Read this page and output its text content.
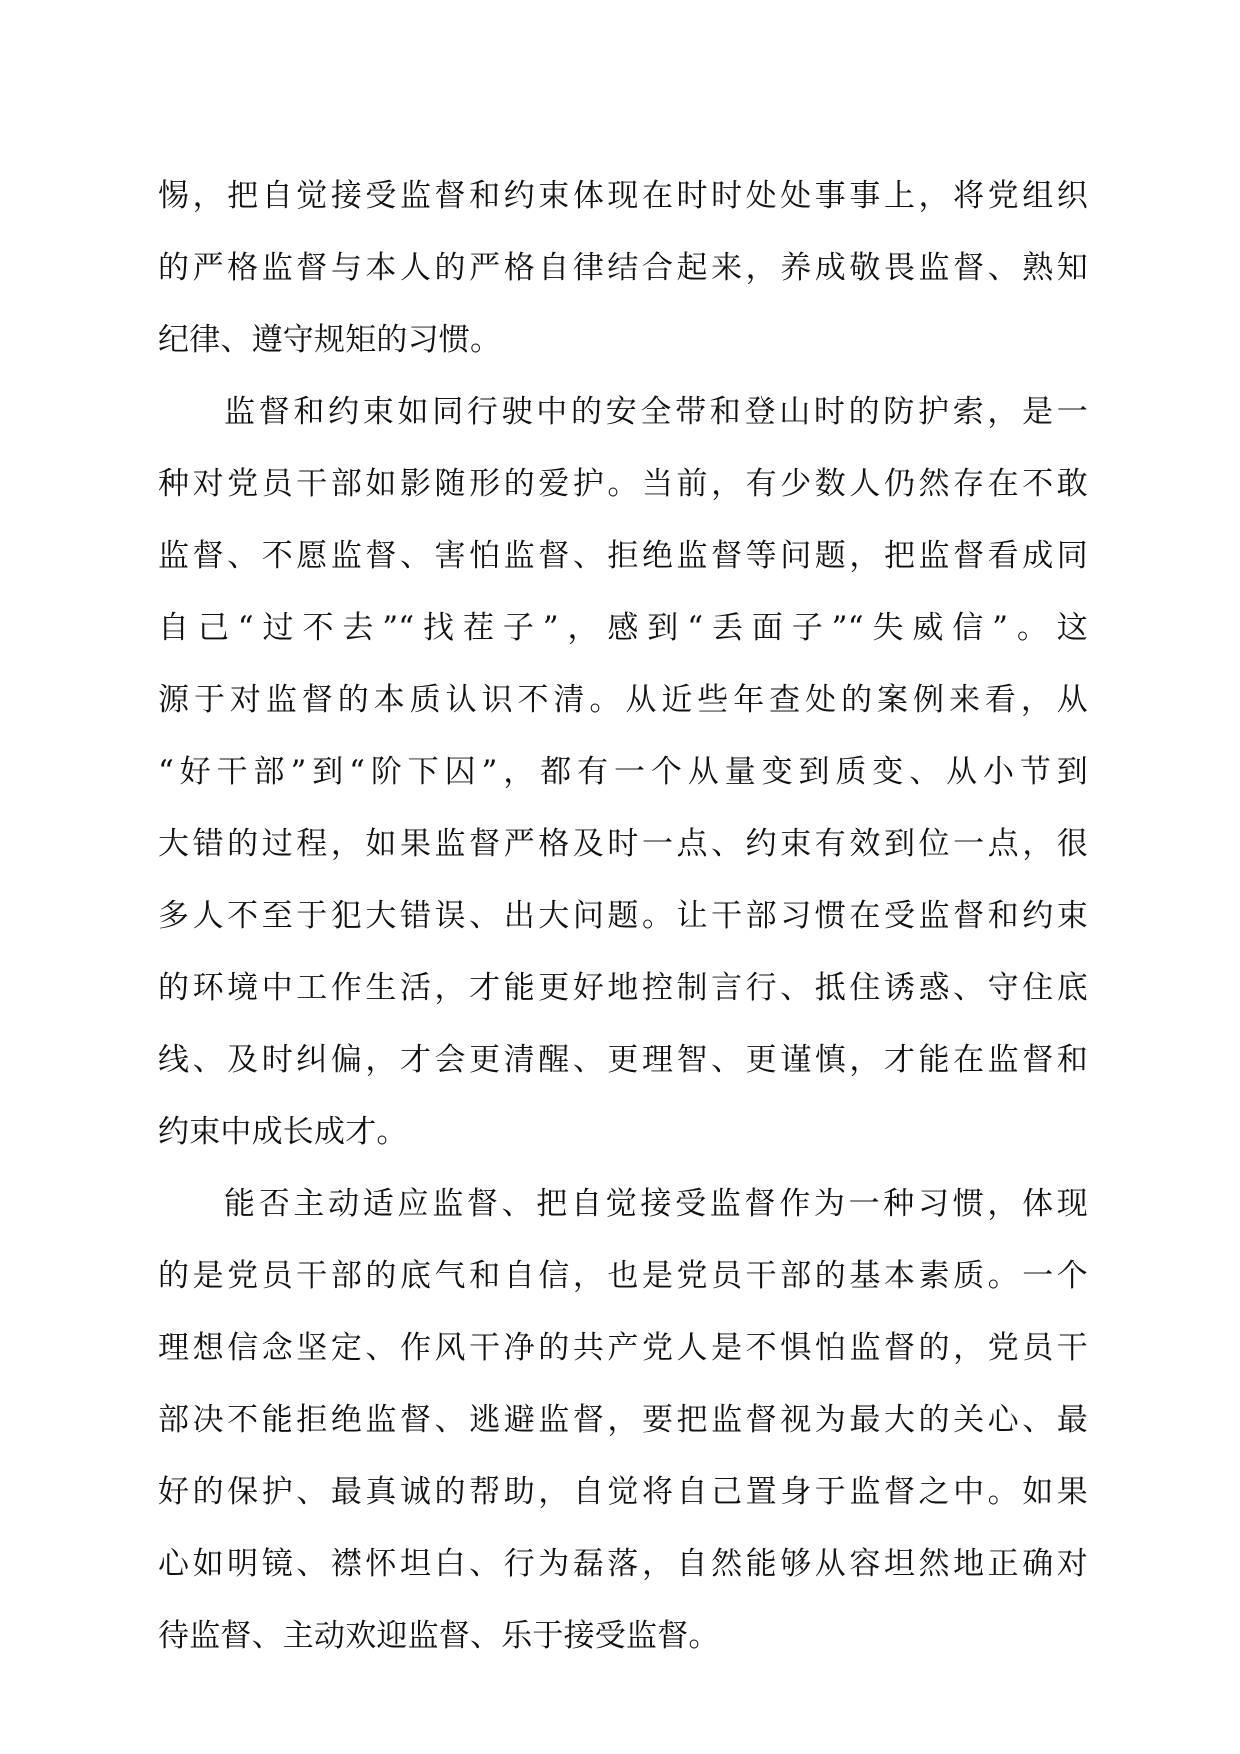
惕，把自觉接受监督和约束体现在时时处处事事上，将党组织
的严格监督与本人的严格自律结合起来，养成敬畏监督、熟知
纪律、遵守规矩的习惯。
监督和约束如同行驶中的安全带和登山时的防护索，是一
种对党员干部如影随形的爱护。当前，有少数人仍然存在不敢
监督、不愿监督、害怕监督、拒绝监督等问题，把监督看成同
自己“过不去”“找茬子”，感到“丢面子”“失威信”。这
源于对监督的本质认识不清。从近些年查处的案例来看，从
“好干部”到“阶下囚”，都有一个从量变到质变、从小节到
大错的过程，如果监督严格及时一点、约束有效到位一点，很
多人不至于犯大错误、出大问题。让干部习惯在受监督和约束
的环境中工作生活，才能更好地控制言行、抵住诱惑、守住底
线、及时纠偏，才会更清醒、更理智、更谨慎，才能在监督和
约束中成长成才。
能否主动适应监督、把自觉接受监督作为一种习惯，体现
的是党员干部的底气和自信，也是党员干部的基本素质。一个
理想信念坚定、作风干净的共产党人是不惧怕监督的，党员干
部决不能拒绝监督、逃避监督，要把监督视为最大的关心、最
好的保护、最真诚的帮助，自觉将自己置身于监督之中。如果
心如明镜、襟怀坦白、行为磊落，自然能够从容坦然地正确对
待监督、主动欢迎监督、乐于接受监督。
